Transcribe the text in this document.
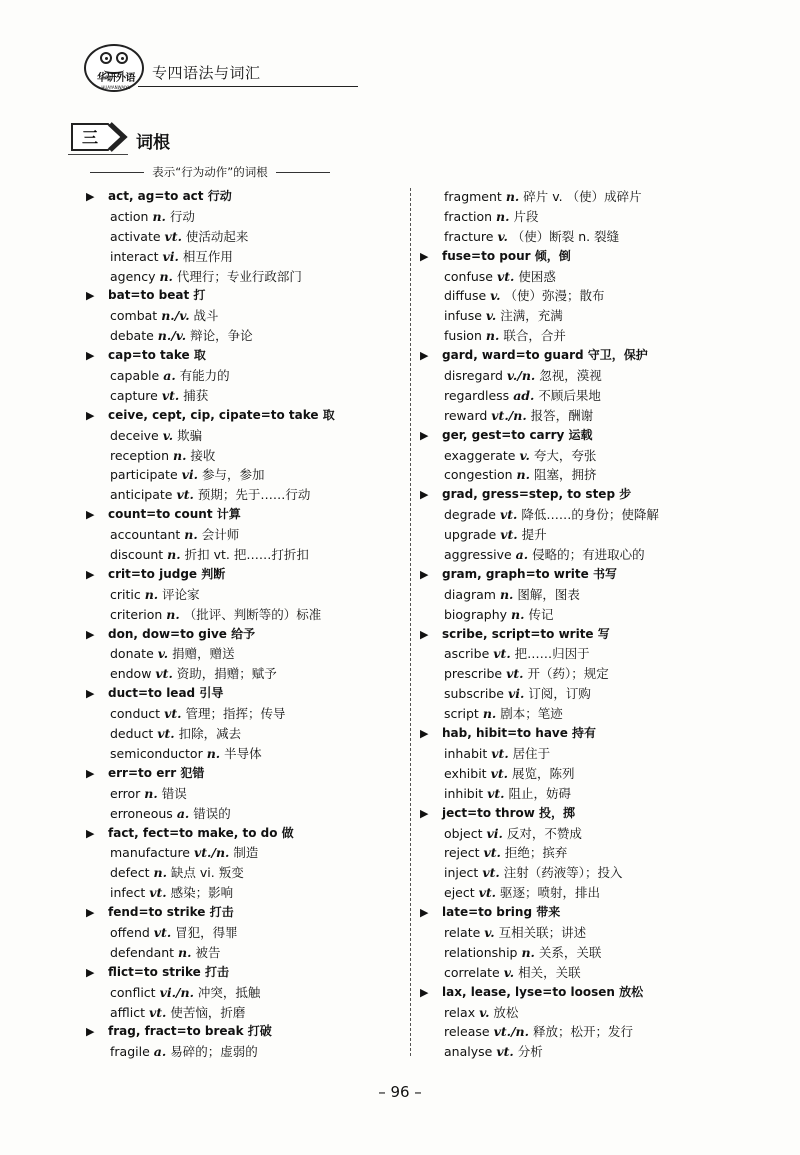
华研外语
HUAYANWAIYU
专四语法与词汇
三 词根
表示“行为动作”的词根
▶ act, ag=to act 行动
action n. 行动
activate vt. 使活动起来
interact vi. 相互作用
agency n. 代理行；专业行政部门
▶ bat=to beat 打
combat n./v. 战斗
debate n./v. 辩论，争论
▶ cap=to take 取
capable a. 有能力的
capture vt. 捕获
▶ ceive, cept, cip, cipate=to take 取
deceive v. 欺骗
reception n. 接收
participate vi. 参与，参加
anticipate vt. 预期；先于……行动
▶ count=to count 计算
accountant n. 会计师
discount n. 折扣 vt. 把……打折扣
▶ crit=to judge 判断
critic n. 评论家
criterion n. （批评、判断等的）标准
▶ don, dow=to give 给予
donate v. 捐赠，赠送
endow vt. 资助，捐赠；赋予
▶ duct=to lead 引导
conduct vt. 管理；指挥；传导
deduct vt. 扣除，减去
semiconductor n. 半导体
▶ err=to err 犯错
error n. 错误
erroneous a. 错误的
▶ fact, fect=to make, to do 做
manufacture vt./n. 制造
defect n. 缺点 vi. 叛变
infect vt. 感染；影响
▶ fend=to strike 打击
offend vt. 冒犯，得罪
defendant n. 被告
▶ flict=to strike 打击
conflict vi./n. 冲突，抵触
afflict vt. 使苦恼，折磨
▶ frag, fract=to break 打破
fragile a. 易碎的；虚弱的
fragment n. 碎片 v. （使）成碎片
fraction n. 片段
fracture v. （使）断裂 n. 裂缝
▶ fuse=to pour 倾，倒
confuse vt. 使困惑
diffuse v. （使）弥漫；散布
infuse v. 注满，充满
fusion n. 联合，合并
▶ gard, ward=to guard 守卫，保护
disregard v./n. 忽视，漠视
regardless ad. 不顾后果地
reward vt./n. 报答，酬谢
▶ ger, gest=to carry 运载
exaggerate v. 夸大，夸张
congestion n. 阻塞，拥挤
▶ grad, gress=step, to step 步
degrade vt. 降低……的身份；使降解
upgrade vt. 提升
aggressive a. 侵略的；有进取心的
▶ gram, graph=to write 书写
diagram n. 图解，图表
biography n. 传记
▶ scribe, script=to write 写
ascribe vt. 把……归因于
prescribe vt. 开（药）；规定
subscribe vi. 订阅，订购
script n. 剧本；笔迹
▶ hab, hibit=to have 持有
inhabit vt. 居住于
exhibit vt. 展览，陈列
inhibit vt. 阻止，妨碍
▶ ject=to throw 投，掷
object vi. 反对，不赞成
reject vt. 拒绝；摈弃
inject vt. 注射（药液等）；投入
eject vt. 驱逐；喷射，排出
▶ late=to bring 带来
relate v. 互相关联；讲述
relationship n. 关系，关联
correlate v. 相关，关联
▶ lax, lease, lyse=to loosen 放松
relax v. 放松
release vt./n. 释放；松开；发行
analyse vt. 分析
– 96 –
